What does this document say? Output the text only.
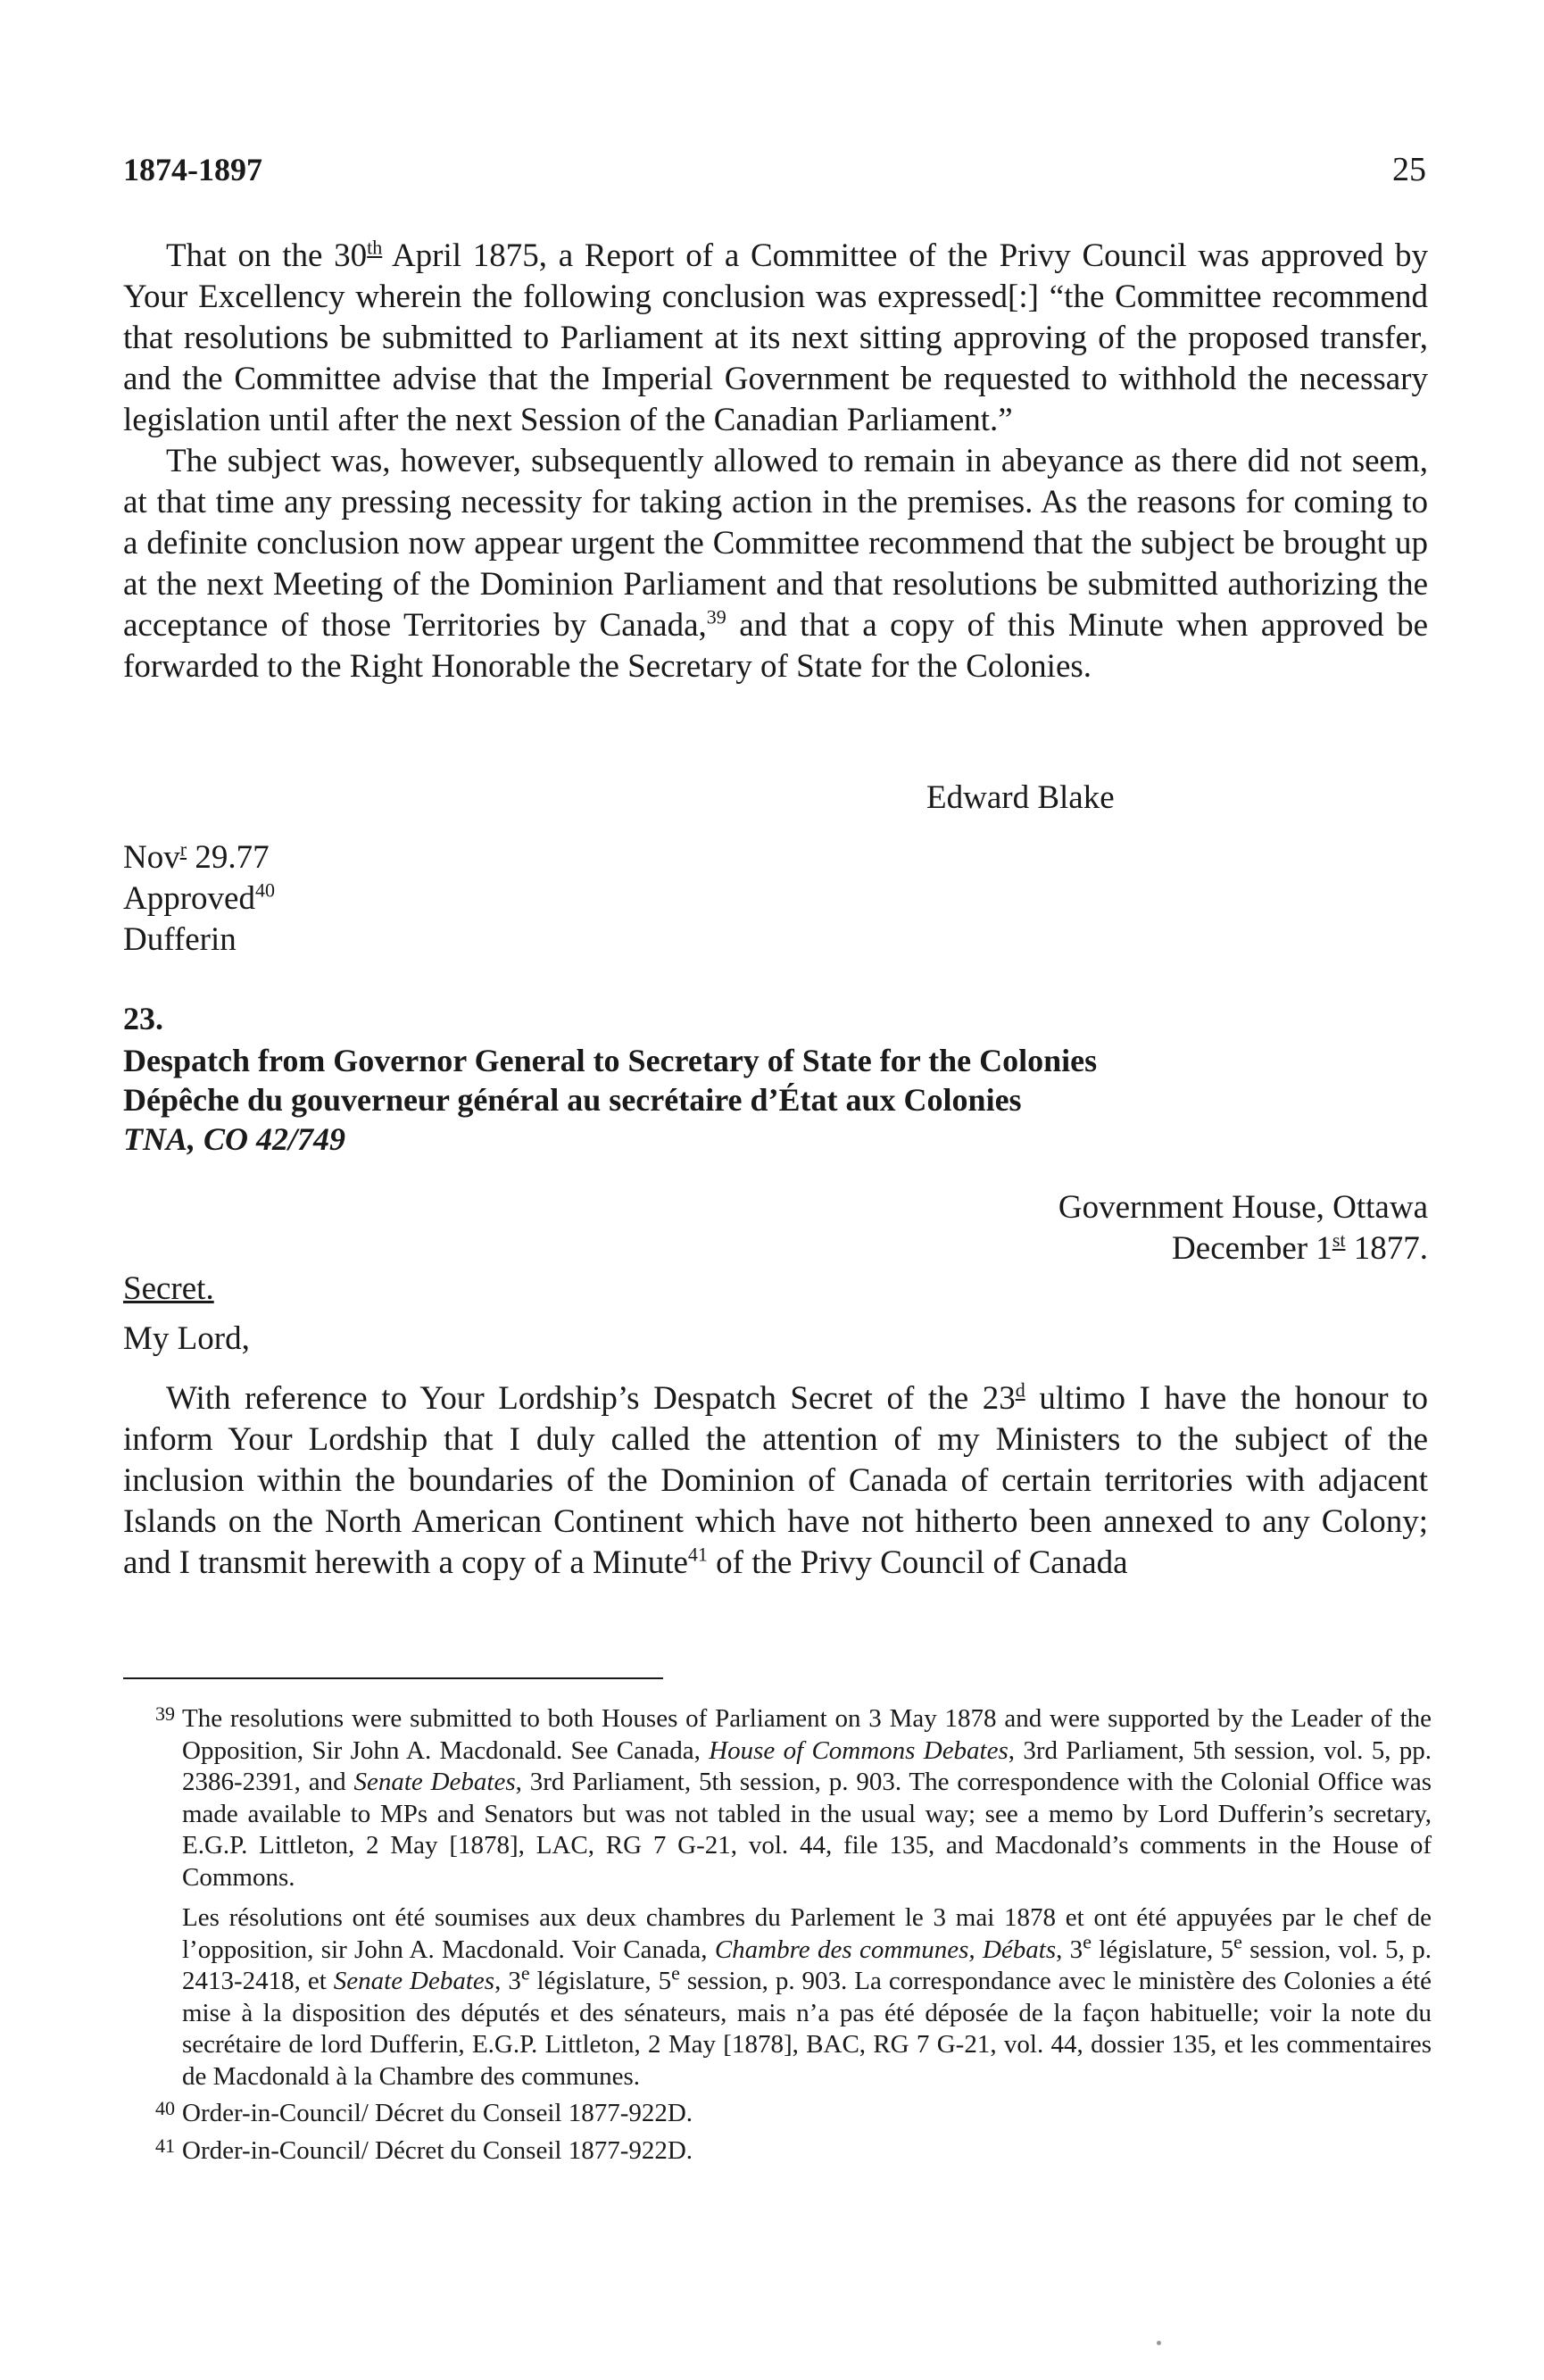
1874-1897	25

That on the 30th April 1875, a Report of a Committee of the Privy Council was approved by Your Excellency wherein the following conclusion was expressed[:] “the Committee recommend that resolutions be submitted to Parliament at its next sitting approving of the proposed transfer, and the Committee advise that the Imperial Government be requested to withhold the necessary legislation until after the next Session of the Canadian Parliament.”

The subject was, however, subsequently allowed to remain in abeyance as there did not seem, at that time any pressing necessity for taking action in the premises. As the reasons for coming to a definite conclusion now appear urgent the Committee recommend that the subject be brought up at the next Meeting of the Dominion Parliament and that resolutions be submitted authorizing the acceptance of those Territories by Canada,$^{39}$ and that a copy of this Minute when approved be forwarded to the Right Honorable the Secretary of State for the Colonies.

Edward Blake
Nov$^r$ 29.77
Approved$^{40}$
Dufferin
23.
Despatch from Governor General to Secretary of State for the Colonies
Dépêche du gouverneur général au secrétaire d’État aux Colonies
TNA, CO 42/749
Government House, Ottawa
December 1st 1877.
Secret.
My Lord,

With reference to Your Lordship’s Despatch Secret of the 23$^d$ ultimo I have the honour to inform Your Lordship that I duly called the attention of my Ministers to the subject of the inclusion within the boundaries of the Dominion of Canada of certain territories with adjacent Islands on the North American Continent which have not hitherto been annexed to any Colony; and I transmit herewith a copy of a Minute$^{41}$ of the Privy Council of Canada

39 The resolutions were submitted to both Houses of Parliament on 3 May 1878 and were supported by the Leader of the Opposition, Sir John A. Macdonald. See Canada, House of Commons Debates, 3rd Parliament, 5th session, vol. 5, pp. 2386-2391, and Senate Debates, 3rd Parliament, 5th session, p. 903. The correspondence with the Colonial Office was made available to MPs and Senators but was not tabled in the usual way; see a memo by Lord Dufferin’s secretary, E.G.P. Littleton, 2 May [1878], LAC, RG 7 G-21, vol. 44, file 135, and Macdonald’s comments in the House of Commons.
Les résolutions ont été soumises aux deux chambres du Parlement le 3 mai 1878 et ont été appuyées par le chef de l’opposition, sir John A. Macdonald. Voir Canada, Chambre des communes, Débats, 3e législature, 5e session, vol. 5, p. 2413-2418, et Senate Debates, 3e législature, 5e session, p. 903. La correspondance avec le ministère des Colonies a été mise à la disposition des députés et des sénateurs, mais n’a pas été déposée de la façon habituelle; voir la note du secrétaire de lord Dufferin, E.G.P. Littleton, 2 May [1878], BAC, RG 7 G-21, vol. 44, dossier 135, et les commentaires de Macdonald à la Chambre des communes.
40 Order-in-Council/ Décret du Conseil 1877-922D.
41 Order-in-Council/ Décret du Conseil 1877-922D.
